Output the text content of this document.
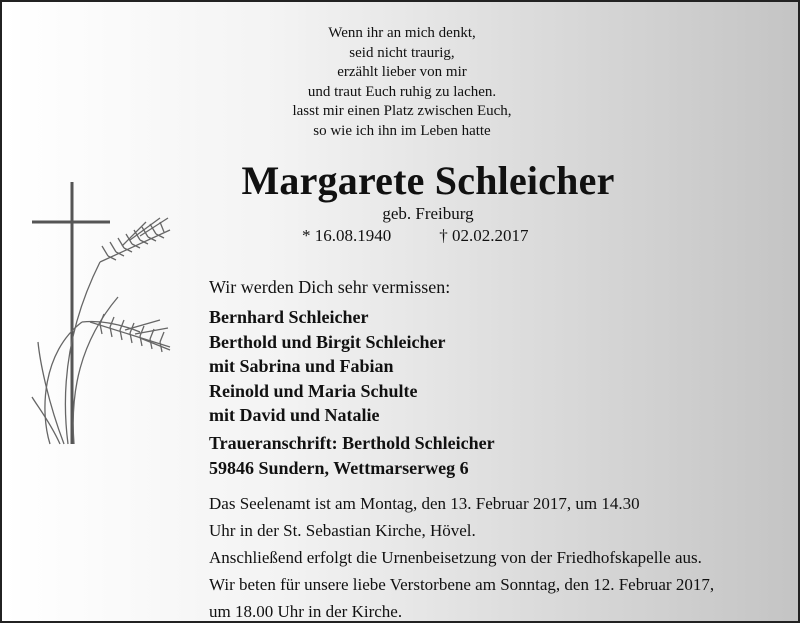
Wenn ihr an mich denkt,
seid nicht traurig,
erzählt lieber von mir
und traut Euch ruhig zu lachen.
lasst mir einen Platz zwischen Euch,
so wie ich ihn im Leben hatte
Margarete Schleicher
geb. Freiburg
* 16.08.1940	† 02.02.2017
Wir werden Dich sehr vermissen:
Bernhard Schleicher
Berthold und Birgit Schleicher
mit Sabrina und Fabian
Reinold und Maria Schulte
mit David und Natalie
Traueranschrift: Berthold Schleicher
59846 Sundern, Wettmarserweg 6
Das Seelenamt ist am Montag, den 13. Februar 2017, um 14.30
Uhr in der St. Sebastian Kirche, Hövel.
Anschließend erfolgt die Urnenbeisetzung von der Friedhofskapelle aus.
Wir beten für unsere liebe Verstorbene am Sonntag, den 12. Februar 2017,
um 18.00 Uhr in der Kirche.
